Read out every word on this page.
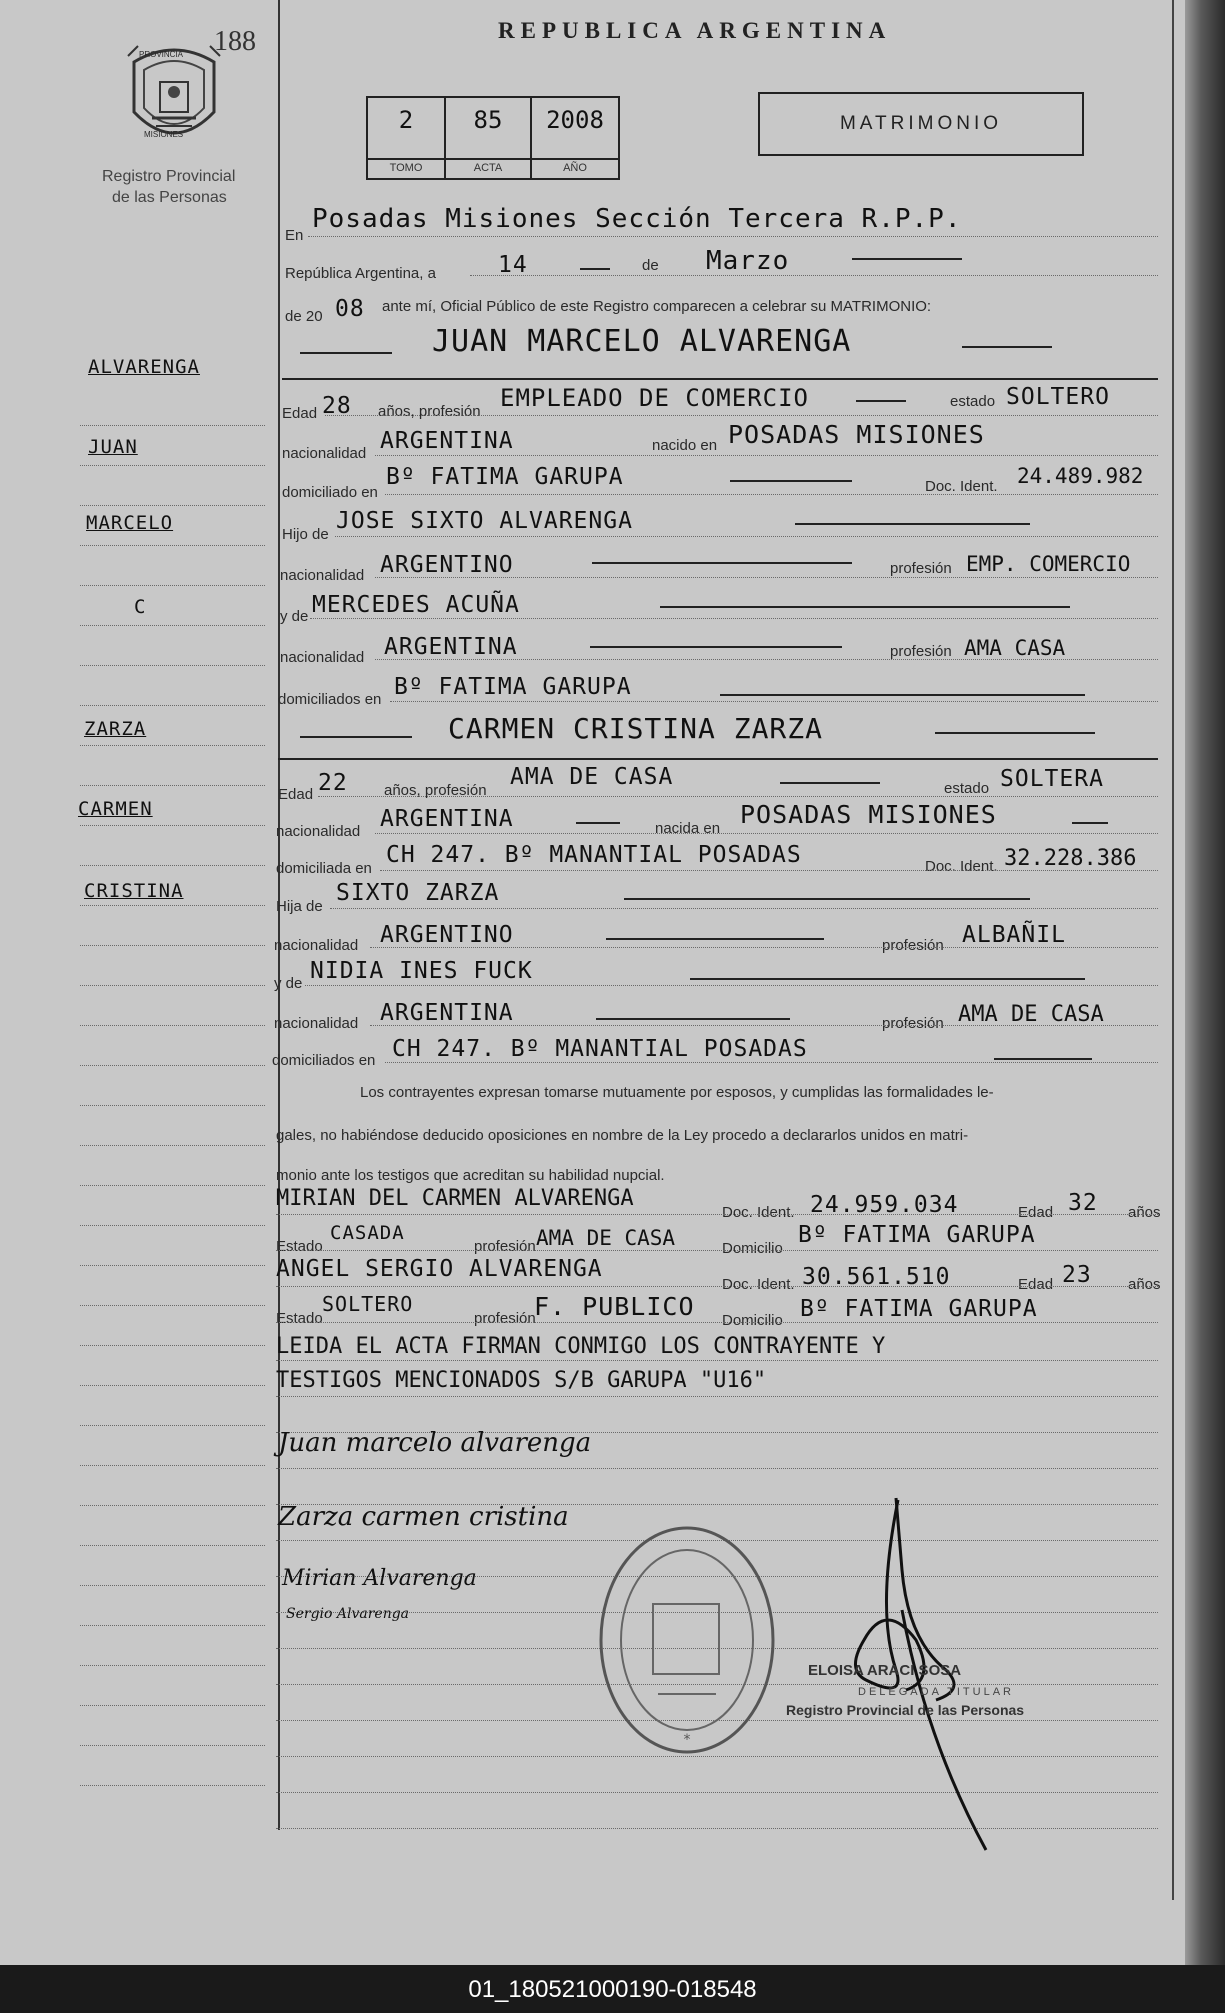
PROVINCIA
MISIONES
188
Registro Provincial
de las Personas
REPUBLICA ARGENTINA
2
TOMO
85
ACTA
2008
AÑO
MATRIMONIO
ALVARENGA
JUAN
MARCELO
C
ZARZA
CARMEN
CRISTINA
En
Posadas Misiones Sección Tercera R.P.P.
República Argentina, a	14	de Marzo
de 20 08 ante mí, Oficial Público de este Registro comparecen a celebrar su MATRIMONIO:
JUAN MARCELO ALVARENGA
Edad 28 años, profesión EMPLEADO DE COMERCIO	estado SOLTERO
nacionalidad ARGENTINA	nacido en POSADAS MISIONES
domiciliado en
Bº FATIMA GARUPA	Doc. Ident. 24.489.982
Hijo de
JOSE SIXTO ALVARENGA
nacionalidad ARGENTINO	profesión EMP. COMERCIO
y de MERCEDES ACUÑA
nacionalidad ARGENTINA	profesión AMA CASA
domiciliados en Bº FATIMA GARUPA
CARMEN CRISTINA ZARZA
Edad 22 años, profesión
AMA DE CASA	estado SOLTERA
nacionalidad ARGENTINA	nacida en POSADAS MISIONES
domiciliada en
CH 247. Bº MANANTIAL POSADAS	Doc. Ident. 32.228.386
Hija de
SIXTO ZARZA
nacionalidad ARGENTINO	profesión ALBAÑIL
y de NIDIA INES FUCK
nacionalidad ARGENTINA	profesión AMA DE CASA
domiciliados en CH 247. Bº MANANTIAL POSADAS
Los contrayentes expresan tomarse mutuamente por esposos, y cumplidas las formalidades le-
gales, no habiéndose deducido oposiciones en nombre de la Ley procedo a declararlos unidos en matri-
monio ante los testigos que acreditan su habilidad nupcial.
MIRIAN DEL CARMEN ALVARENGA
Doc. Ident. 24.959.034	Edad 32 años
Estado
CASADA
profesión AMA DE CASA	Domicilio
Bº FATIMA GARUPA
ANGEL SERGIO ALVARENGA
Doc. Ident. 30.561.510	Edad 23 años
Estado
SOLTERO
profesión
F. PUBLICO Domicilio Bº FATIMA GARUPA
LEIDA EL ACTA FIRMAN CONMIGO LOS CONTRAYENTE Y
TESTIGOS MENCIONADOS S/B GARUPA "U16"
Juan marcelo alvarenga
Zarza carmen cristina
Mirian Alvarenga
Sergio Alvarenga
*
ELOISA ARACI SOSA
DELEGADA TITULAR
Registro Provincial de las Personas
01_180521000190-018548
